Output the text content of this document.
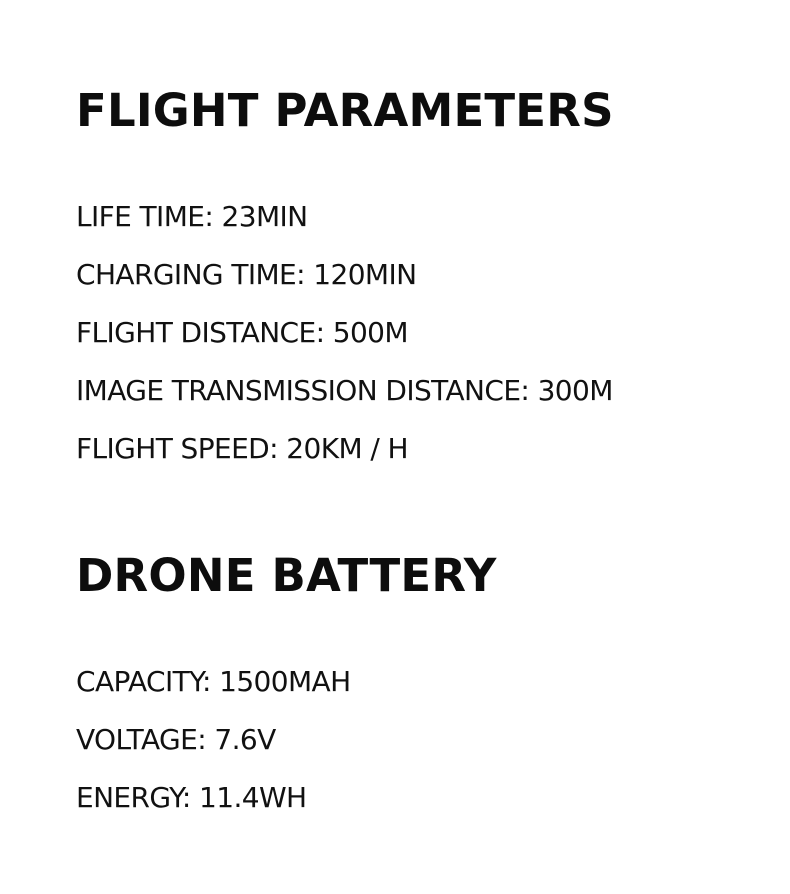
FLIGHT PARAMETERS
LIFE TIME: 23MIN
CHARGING TIME: 120MIN
FLIGHT DISTANCE: 500M
IMAGE TRANSMISSION DISTANCE: 300M
FLIGHT SPEED: 20KM / H
DRONE BATTERY
CAPACITY: 1500MAH
VOLTAGE: 7.6V
ENERGY: 11.4WH
